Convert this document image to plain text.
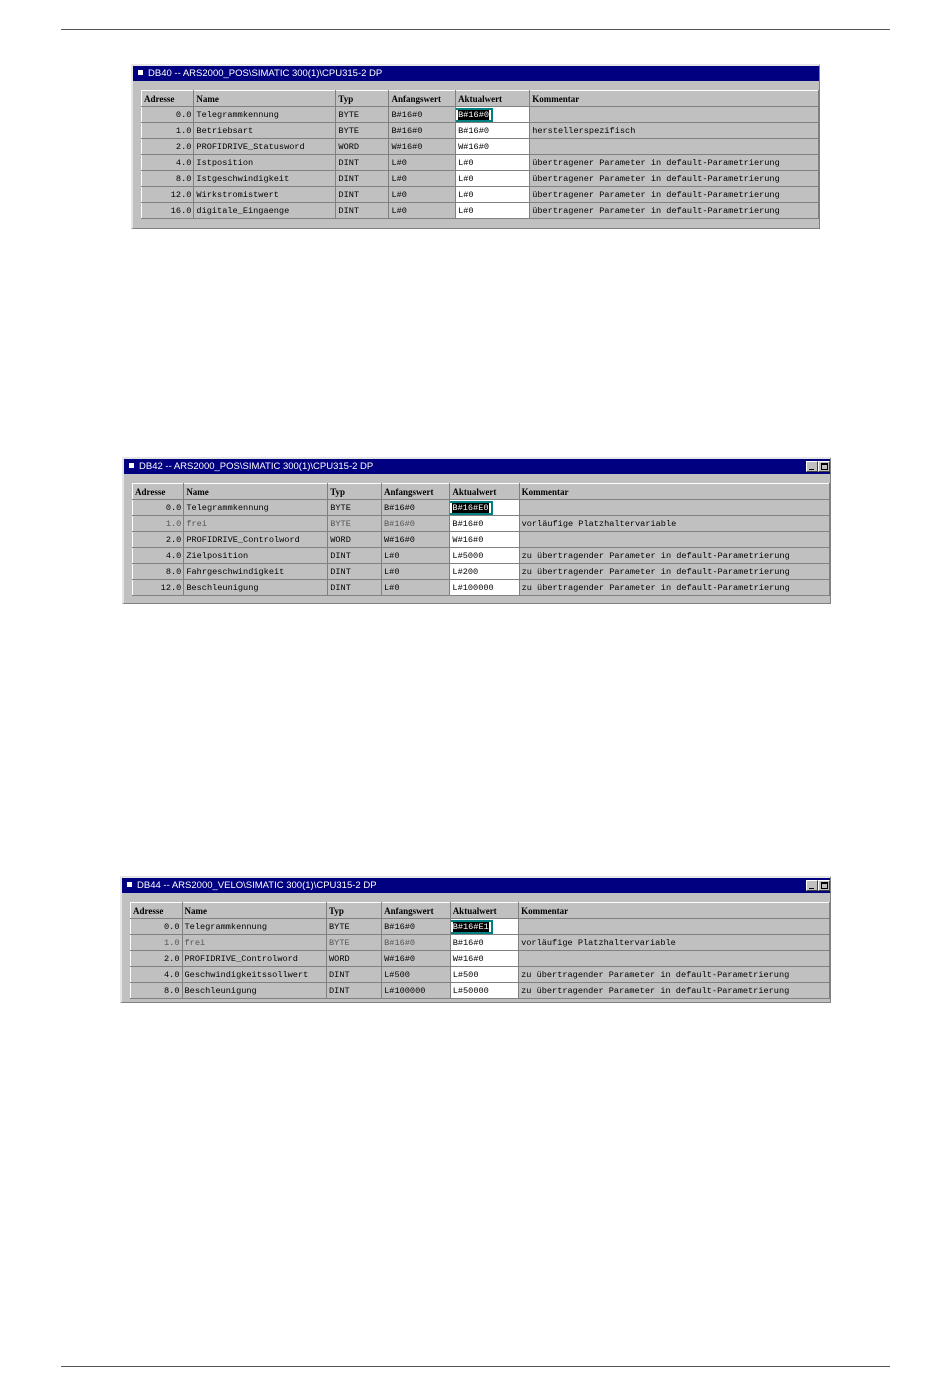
DB40 -- ARS2000_POS\SIMATIC 300(1)\CPU315-2 DP
Adresse	Name	Typ	Anfangswert	Aktualwert	Kommentar
0.0	Telegrammkennung	BYTE	B#16#0	B#16#0	
1.0	Betriebsart	BYTE	B#16#0	B#16#0	herstellerspezifisch
2.0	PROFIDRIVE_Statusword	WORD	W#16#0	W#16#0	
4.0	Istposition	DINT	L#0	L#0	übertragener Parameter in default-Parametrierung
8.0	Istgeschwindigkeit	DINT	L#0	L#0	übertragener Parameter in default-Parametrierung
12.0	Wirkstromistwert	DINT	L#0	L#0	übertragener Parameter in default-Parametrierung
16.0	digitale_Eingaenge	DINT	L#0	L#0	übertragener Parameter in default-Parametrierung
DB42 -- ARS2000_POS\SIMATIC 300(1)\CPU315-2 DP
Adresse	Name	Typ	Anfangswert	Aktualwert	Kommentar
0.0	Telegrammkennung	BYTE	B#16#0	B#16#E0	
1.0	frei	BYTE	B#16#0	B#16#0	vorläufige Platzhaltervariable
2.0	PROFIDRIVE_Controlword	WORD	W#16#0	W#16#0	
4.0	Zielposition	DINT	L#0	L#5000	zu übertragender Parameter in default-Parametrierung
8.0	Fahrgeschwindigkeit	DINT	L#0	L#200	zu übertragender Parameter in default-Parametrierung
12.0	Beschleunigung	DINT	L#0	L#100000	zu übertragender Parameter in default-Parametrierung
DB44 -- ARS2000_VELO\SIMATIC 300(1)\CPU315-2 DP
Adresse	Name	Typ	Anfangswert	Aktualwert	Kommentar
0.0	Telegrammkennung	BYTE	B#16#0	B#16#E1	
1.0	frei	BYTE	B#16#0	B#16#0	vorläufige Platzhaltervariable
2.0	PROFIDRIVE_Controlword	WORD	W#16#0	W#16#0	
4.0	Geschwindigkeitssollwert	DINT	L#500	L#500	zu übertragender Parameter in default-Parametrierung
8.0	Beschleunigung	DINT	L#100000	L#50000	zu übertragender Parameter in default-Parametrierung
